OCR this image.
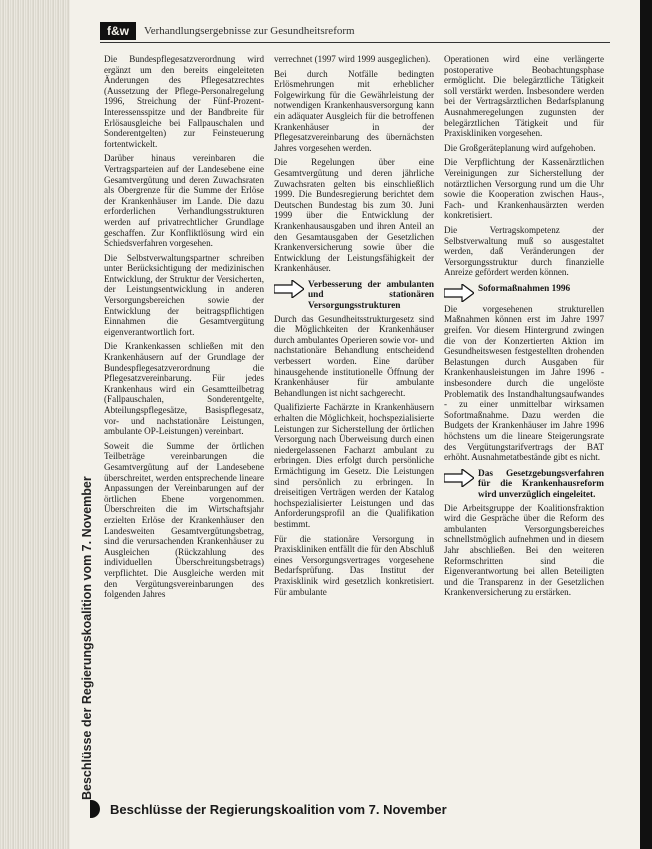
f&w	Verhandlungsergebnisse zur Gesundheitsreform
Beschlüsse der Regierungskoalition vom 7. November

Die Bundespflegesatzverordnung wird ergänzt um den bereits eingeleiteten Änderungen des Pflegesatzrechtes (Aussetzung der Pflege-Personalregelung 1996, Streichung der Fünf-Prozent-Interessensspitze und der Bandbreite für Erlösausgleiche bei Fallpauschalen und Sonderentgelten) zur Feinsteuerung fortentwickelt.

Darüber hinaus vereinbaren die Vertragsparteien auf der Landesebene eine Gesamtvergütung und deren Zuwachsraten als Obergrenze für die Summe der Erlöse der Krankenhäuser im Lande. Die dazu erforderlichen Verhandlungsstrukturen werden auf privatrechtlicher Grundlage geschaffen. Zur Konfliktlösung wird ein Schiedsverfahren vorgesehen.

Die Selbstverwaltungspartner schreiben unter Berücksichtigung der medizinischen Entwicklung, der Struktur der Versicherten, der Leistungsentwicklung in anderen Versorgungsbereichen sowie der Entwicklung der beitragspflichtigen Einnahmen die Gesamtvergütung eigenverantwortlich fort.

Die Krankenkassen schließen mit den Krankenhäusern auf der Grundlage der Bundespflegesatzverordnung die Pflegesatzvereinbarung. Für jedes Krankenhaus wird ein Gesamtteilbetrag (Fallpauschalen, Sonderentgelte, Abteilungspflegesätze, Basispflegesatz, vor- und nachstationäre Leistungen, ambulante OP-Leistungen) vereinbart.

Soweit die Summe der örtlichen Teilbeträge vereinbarungen die Gesamtvergütung auf der Landesebene überschreitet, werden entsprechende lineare Anpassungen der Vereinbarungen auf der örtlichen Ebene vorgenommen. Überschreiten die im Wirtschaftsjahr erzielten Erlöse der Krankenhäuser den Landesweiten Gesamtvergütungsbetrag, sind die verursachenden Krankenhäuser zu Ausgleichen (Rückzahlung des individuellen Überschreitungsbetrags) verpflichtet. Die Ausgleiche werden mit den Vergütungsvereinbarungen des folgenden Jahres

verrechnet (1997 wird 1999 ausgeglichen).

Bei durch Notfälle bedingten Erlösmehrungen mit erheblicher Folgewirkung für die Gewährleistung der notwendigen Krankenhausversorgung kann ein adäquater Ausgleich für die betroffenen Krankenhäuser in der Pflegesatzvereinbarung des übernächsten Jahres vorgesehen werden.

Die Regelungen über eine Gesamtvergütung und deren jährliche Zuwachsraten gelten bis einschließlich 1999. Die Bundesregierung berichtet dem Deutschen Bundestag bis zum 30. Juni 1999 über die Entwicklung der Krankenhausausgaben und ihren Anteil an den Gesamtausgaben der Gesetzlichen Krankenversicherung sowie über die Entwicklung der Leistungsfähigkeit der Krankenhäuser.

Verbesserung der ambulanten und stationären Versorgungsstrukturen

Durch das Gesundheitsstrukturgesetz sind die Möglichkeiten der Krankenhäuser durch ambulantes Operieren sowie vor- und nachstationäre Behandlung entscheidend verbessert worden. Eine darüber hinausgehende institutionelle Öffnung der Krankenhäuser für ambulante Behandlungen ist nicht sachgerecht.

Qualifizierte Fachärzte in Krankenhäusern erhalten die Möglichkeit, hochspezialisierte Leistungen zur Sicherstellung der örtlichen Versorgung nach Überweisung durch einen niedergelassenen Facharzt ambulant zu erbringen. Dies erfolgt durch persönliche Ermächtigung im Gesetz. Die Leistungen sind persönlich zu erbringen. In dreiseitigen Verträgen werden der Katalog hochspezialisierter Leistungen und das Anforderungsprofil an die Qualifikation bestimmt.

Für die stationäre Versorgung in Praxiskliniken entfällt die für den Abschluß eines Versorgungsvertrages vorgesehene Bedarfsprüfung. Das Institut der Praxisklinik wird gesetzlich konkretisiert. Für ambulante

Operationen wird eine verlängerte postoperative Beobachtungsphase ermöglicht. Die belegärztliche Tätigkeit soll verstärkt werden. Insbesondere werden bei der Vertragsärztlichen Bedarfsplanung Ausnahmeregelungen zugunsten der belegärztlichen Tätigkeit und für Praxiskliniken vorgesehen.

Die Großgeräteplanung wird aufgehoben.

Die Verpflichtung der Kassenärztlichen Vereinigungen zur Sicherstellung der notärztlichen Versorgung rund um die Uhr sowie die Kooperation zwischen Haus-, Fach- und Krankenhausärzten werden konkretisiert.

Die Vertragskompetenz der Selbstverwaltung muß so ausgestaltet werden, daß Veränderungen der Versorgungsstruktur durch finanzielle Anreize gefördert werden können.

Soformaßnahmen 1996

Die vorgesehenen strukturellen Maßnahmen können erst im Jahre 1997 greifen. Vor diesem Hintergrund zwingen die von der Konzertierten Aktion im Gesundheitswesen festgestellten drohenden Belastungen durch Ausgaben für Krankenhausleistungen im Jahre 1996 - insbesondere durch die ungelöste Problematik des Instandhaltungsaufwandes - zu einer unmittelbar wirksamen Sofortmaßnahme. Dazu werden die Budgets der Krankenhäuser im Jahre 1996 höchstens um die lineare Steigerungsrate des Vergütungstarifvertrags der BAT erhöht. Ausnahmetatbestände gibt es nicht.

Das Gesetzgebungsverfahren für die Krankenhausreform wird unverzüglich eingeleitet.

Die Arbeitsgruppe der Koalitionsfraktion wird die Gespräche über die Reform des ambulanten Versorgungsbereiches schnellstmöglich aufnehmen und in diesem Jahr abschließen. Bei den weiteren Reformschritten sind die Eigenverantwortung bei allen Beteiligten und die Transparenz in der Gesetzlichen Krankenversicherung zu erstärken.

Beschlüsse der Regierungskoalition vom 7. November
